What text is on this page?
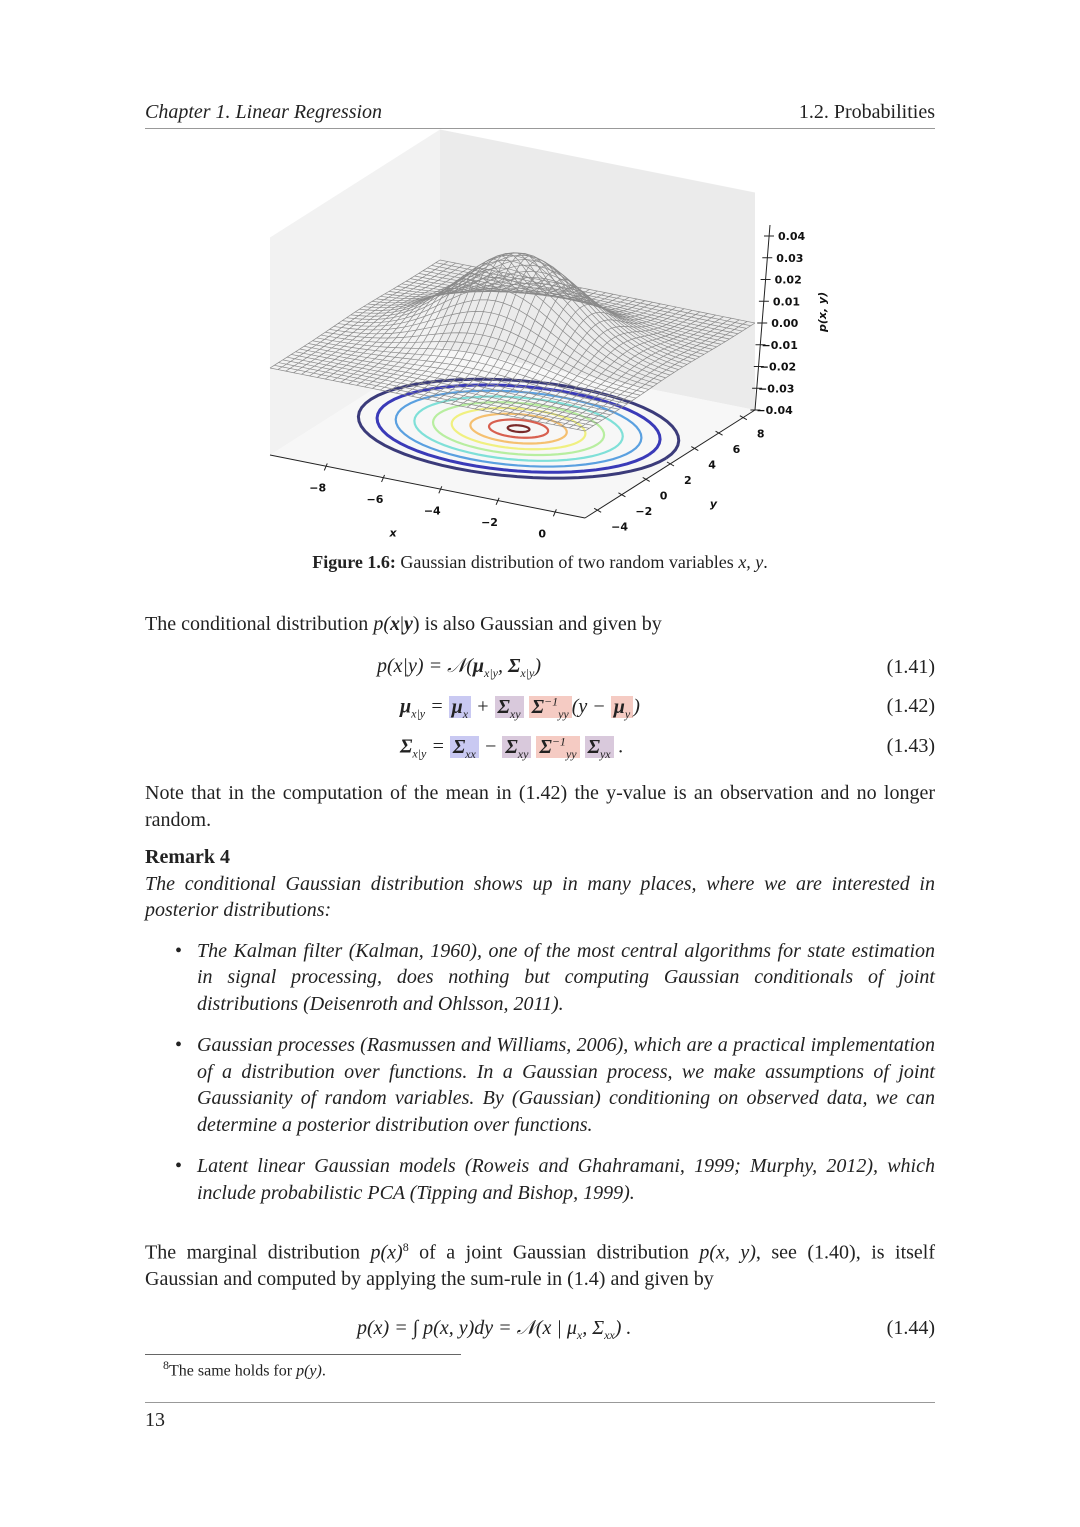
Chapter 1. Linear Regression	1.2. Probabilities
−8
−6
−4
−2
0
x	−4
−2
0
2
4
6
8
y
0.04
0.03
0.02
0.01
0.00
−0.01
−0.02
−0.03
−0.04
p(x, y)
Figure 1.6: Gaussian distribution of two random variables x, y.
The conditional distribution p(x|y) is also Gaussian and given by
$p(x|y) = 𝒩(\mu_{x|y}$, $\Sigma_{x|y}$)	(1.41)
$\mu_{x|y} = \mu_x + \Sigma_{xy}$ $\Sigma^{-1}_{yy}$ ($y - \mu_y$ )	(1.42)
$\Sigma_{x|y} = \Sigma_{xx} - \Sigma_{xy}$ $\Sigma^{-1}_{yy}$ $\Sigma_{yx}$ .	(1.43)

Note that in the computation of the mean in (1.42) the y-value is an observation and no longer random.

Remark 4

The conditional Gaussian distribution shows up in many places, where we are interested in posterior distributions:

• The Kalman filter (Kalman, 1960), one of the most central algorithms for state estimation in signal processing, does nothing but computing Gaussian conditionals of joint distributions (Deisenroth and Ohlsson, 2011).
• Gaussian processes (Rasmussen and Williams, 2006), which are a practical implementation of a distribution over functions. In a Gaussian process, we make assumptions of joint Gaussianity of random variables. By (Gaussian) conditioning on observed data, we can determine a posterior distribution over functions.
• Latent linear Gaussian models (Roweis and Ghahramani, 1999; Murphy, 2012), which include probabilistic PCA (Tipping and Bishop, 1999).

The marginal distribution $p(x)^8$ of a joint Gaussian distribution p(x, y), see (1.40), is itself Gaussian and computed by applying the sum-rule in (1.4) and given by

p(x) = ∫ p(x, y)dy = 𝒩(x | $\mu_x$, $\Sigma_{xx}$) .	(1.44)
$^8$The same holds for p(y).
13
